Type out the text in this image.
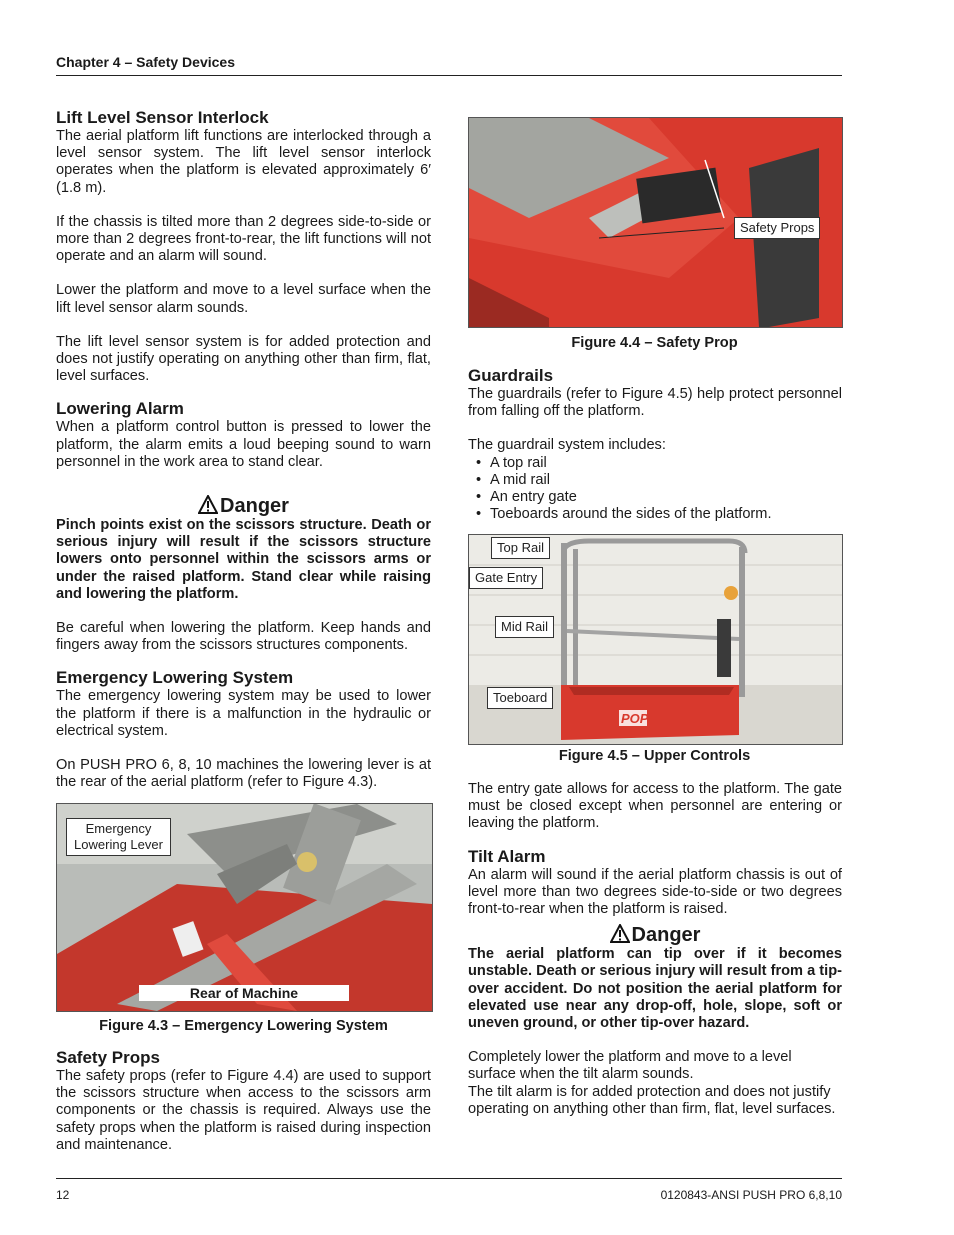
Chapter 4 – Safety Devices
Lift Level Sensor Interlock

The aerial platform lift functions are interlocked through a level sensor system. The lift level sensor interlock operates when the platform is elevated approximately 6′ (1.8 m).

If the chassis is tilted more than 2 degrees side-to-side or more than 2 degrees front-to-rear, the lift functions will not operate and an alarm will sound.

Lower the platform and move to a level surface when the lift level sensor alarm sounds.

The lift level sensor system is for added protection and does not justify operating on anything other than firm, flat, level surfaces.

Lowering Alarm

When a platform control button is pressed to lower the platform, the alarm emits a loud beeping sound to warn personnel in the work area to stand clear.

Danger

Pinch points exist on the scissors structure. Death or serious injury will result if the scissors structure lowers onto personnel within the scissors arms or under the raised platform. Stand clear while raising and lowering the platform.

Be careful when lowering the platform. Keep hands and fingers away from the scissors structures components.

Emergency Lowering System

The emergency lowering system may be used to lower the platform if there is a malfunction in the hydraulic or electrical system.

On PUSH PRO 6, 8, 10 machines the lowering lever is at the rear of the aerial platform (refer to Figure 4.3).

Emergency Lowering Lever
Rear of Machine
Figure 4.3 – Emergency Lowering System
Safety Props

The safety props (refer to Figure 4.4) are used to support the scissors structure when access to the scissors arm components or the chassis is required. Always use the safety props when the platform is raised during inspection and maintenance.

Safety Props
Figure 4.4 – Safety Prop
Guardrails

The guardrails (refer to Figure 4.5) help protect personnel from falling off the platform.

The guardrail system includes:

• A top rail
• A mid rail
• An entry gate
• Toeboards around the sides of the platform.
POP
Top Rail
Gate Entry
Mid Rail
Toeboard
Figure 4.5 – Upper Controls

The entry gate allows for access to the platform. The gate must be closed except when personnel are entering or leaving the platform.

Tilt Alarm

An alarm will sound if the aerial platform chassis is out of level more than two degrees side-to-side or two degrees front-to-rear when the platform is raised.

Danger

The aerial platform can tip over if it becomes unstable. Death or serious injury will result from a tip-over accident. Do not position the aerial platform for elevated use near any drop-off, hole, slope, soft or uneven ground, or other tip-over hazard.

Completely lower the platform and move to a level surface when the tilt alarm sounds.

The tilt alarm is for added protection and does not justify operating on anything other than firm, flat, level surfaces.

12	0120843-ANSI PUSH PRO 6,8,10
